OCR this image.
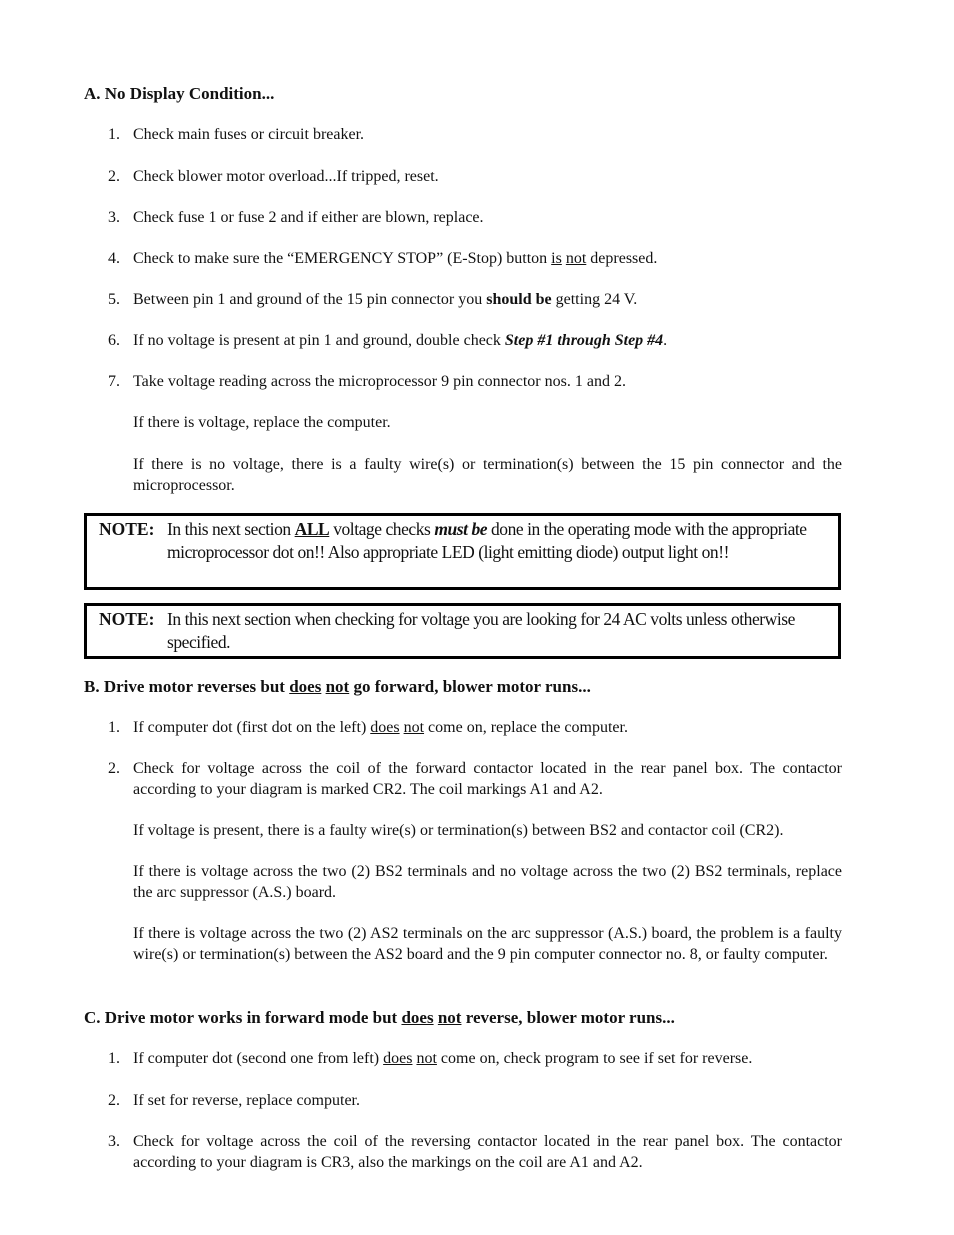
A. No Display Condition...
1. Check main fuses or circuit breaker.
2. Check blower motor overload...If tripped, reset.
3. Check fuse 1 or fuse 2 and if either are blown, replace.
4. Check to make sure the “EMERGENCY STOP” (E-Stop) button is not depressed.
5. Between pin 1 and ground of the 15 pin connector you should be getting 24 V.
6. If no voltage is present at pin 1 and ground, double check Step #1 through Step #4.
7. Take voltage reading across the microprocessor 9 pin connector nos. 1 and 2.
If there is voltage, replace the computer.
If there is no voltage, there is a faulty wire(s) or termination(s) between the 15 pin connector and the microprocessor.
NOTE: In this next section ALL voltage checks must be done in the operating mode with the appropriate microprocessor dot on!! Also appropriate LED (light emitting diode) output light on!!
NOTE: In this next section when checking for voltage you are looking for 24 AC volts unless otherwise specified.
B. Drive motor reverses but does not go forward, blower motor runs...
1. If computer dot (first dot on the left) does not come on, replace the computer.
2. Check for voltage across the coil of the forward contactor located in the rear panel box. The contactor according to your diagram is marked CR2. The coil markings A1 and A2.
If voltage is present, there is a faulty wire(s) or termination(s) between BS2 and contactor coil (CR2).
If there is voltage across the two (2) BS2 terminals and no voltage across the two (2) BS2 terminals, replace the arc suppressor (A.S.) board.
If there is voltage across the two (2) AS2 terminals on the arc suppressor (A.S.) board, the problem is a faulty wire(s) or termination(s) between the AS2 board and the 9 pin computer connector no. 8, or faulty computer.
C. Drive motor works in forward mode but does not reverse, blower motor runs...
1. If computer dot (second one from left) does not come on, check program to see if set for reverse.
2. If set for reverse, replace computer.
3. Check for voltage across the coil of the reversing contactor located in the rear panel box. The contactor according to your diagram is CR3, also the markings on the coil are A1 and A2.
